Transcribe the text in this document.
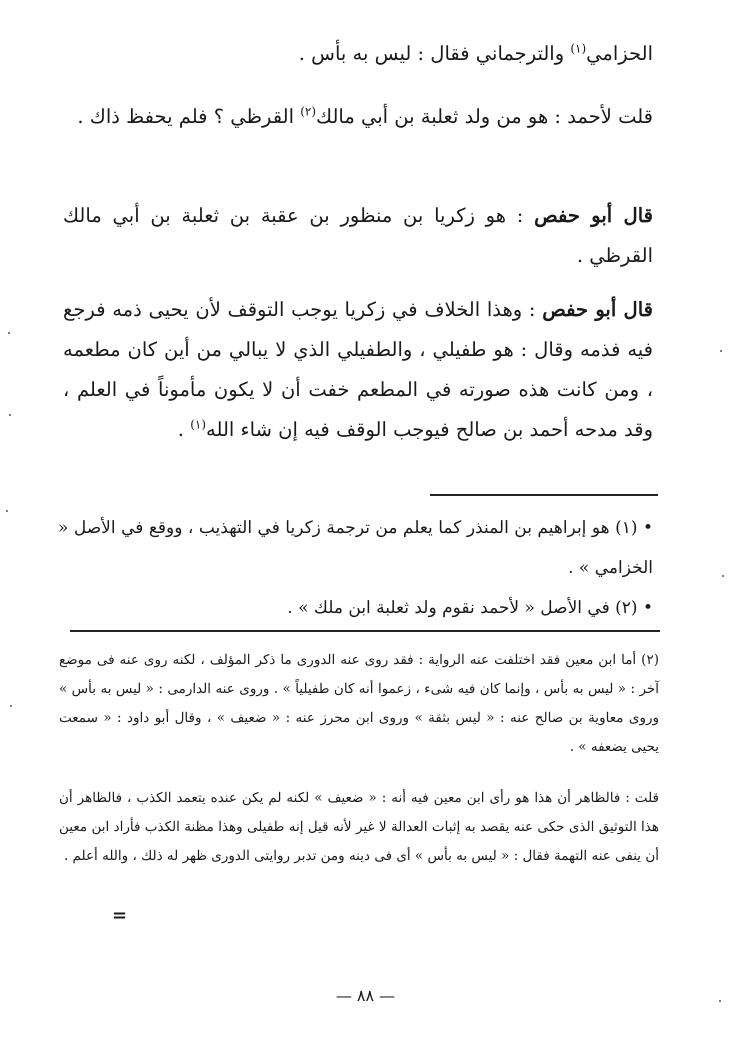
الحزامي$^{(١)}$ والترجماني فقال : ليس به بأس .
قلت لأحمد : هو من ولد ثعلبة بن أبي مالك$^{(٢)}$ القرظي ؟ فلم يحفظ ذاك .
قال أبو حفص : هو زكريا بن منظور بن عقبة بن ثعلبة بن أبي مالك القرظي .
قال أبو حفص : وهذا الخلاف في زكريا يوجب التوقف لأن يحيى ذمه فرجع فيه فذمه وقال : هو طفيلي ، والطفيلي الذي لا يبالي من أين كان مطعمه ، ومن كانت هذه صورته في المطعم خفت أن لا يكون مأموناً في العلم ، وقد مدحه أحمد بن صالح فيوجب الوقف فيه إن شاء الله$^{(١)}$ .
• (١) هو إبراهيم بن المنذر كما يعلم من ترجمة زكريا في التهذيب ، ووقع في الأصل « الخزامي » .
• (٢) في الأصل « لأحمد نقوم ولد ثعلبة ابن ملك » .
(٢) أما ابن معين فقد اختلفت عنه الرواية : فقد روى عنه الدورى ما ذكر المؤلف ، لكنه روى عنه فى موضع آخر : « ليس به بأس ، وإنما كان فيه شىء ، زعموا أنه كان طفيلياً » . وروى عنه الدارمى : « ليس به بأس » وروى معاوية بن صالح عنه : « ليس بثقة » وروى ابن محرز عنه : « ضعيف » ، وقال أبو داود : « سمعت يحيى يضعفه » .
قلت : فالظاهر أن هذا هو رأى ابن معين فيه أنه : « ضعيف » لكنه لم يكن عنده يتعمد الكذب ، فالظاهر أن هذا التوثيق الذى حكى عنه يقصد به إثبات العدالة لا غير لأنه قيل إنه طفيلى وهذا مظنة الكذب فأراد ابن معين أن ينفى عنه التهمة فقال : « ليس به بأس » أى فى دينه ومن تدبر روايتى الدورى ظهر له ذلك ، والله أعلم .
=
— ٨٨ —
